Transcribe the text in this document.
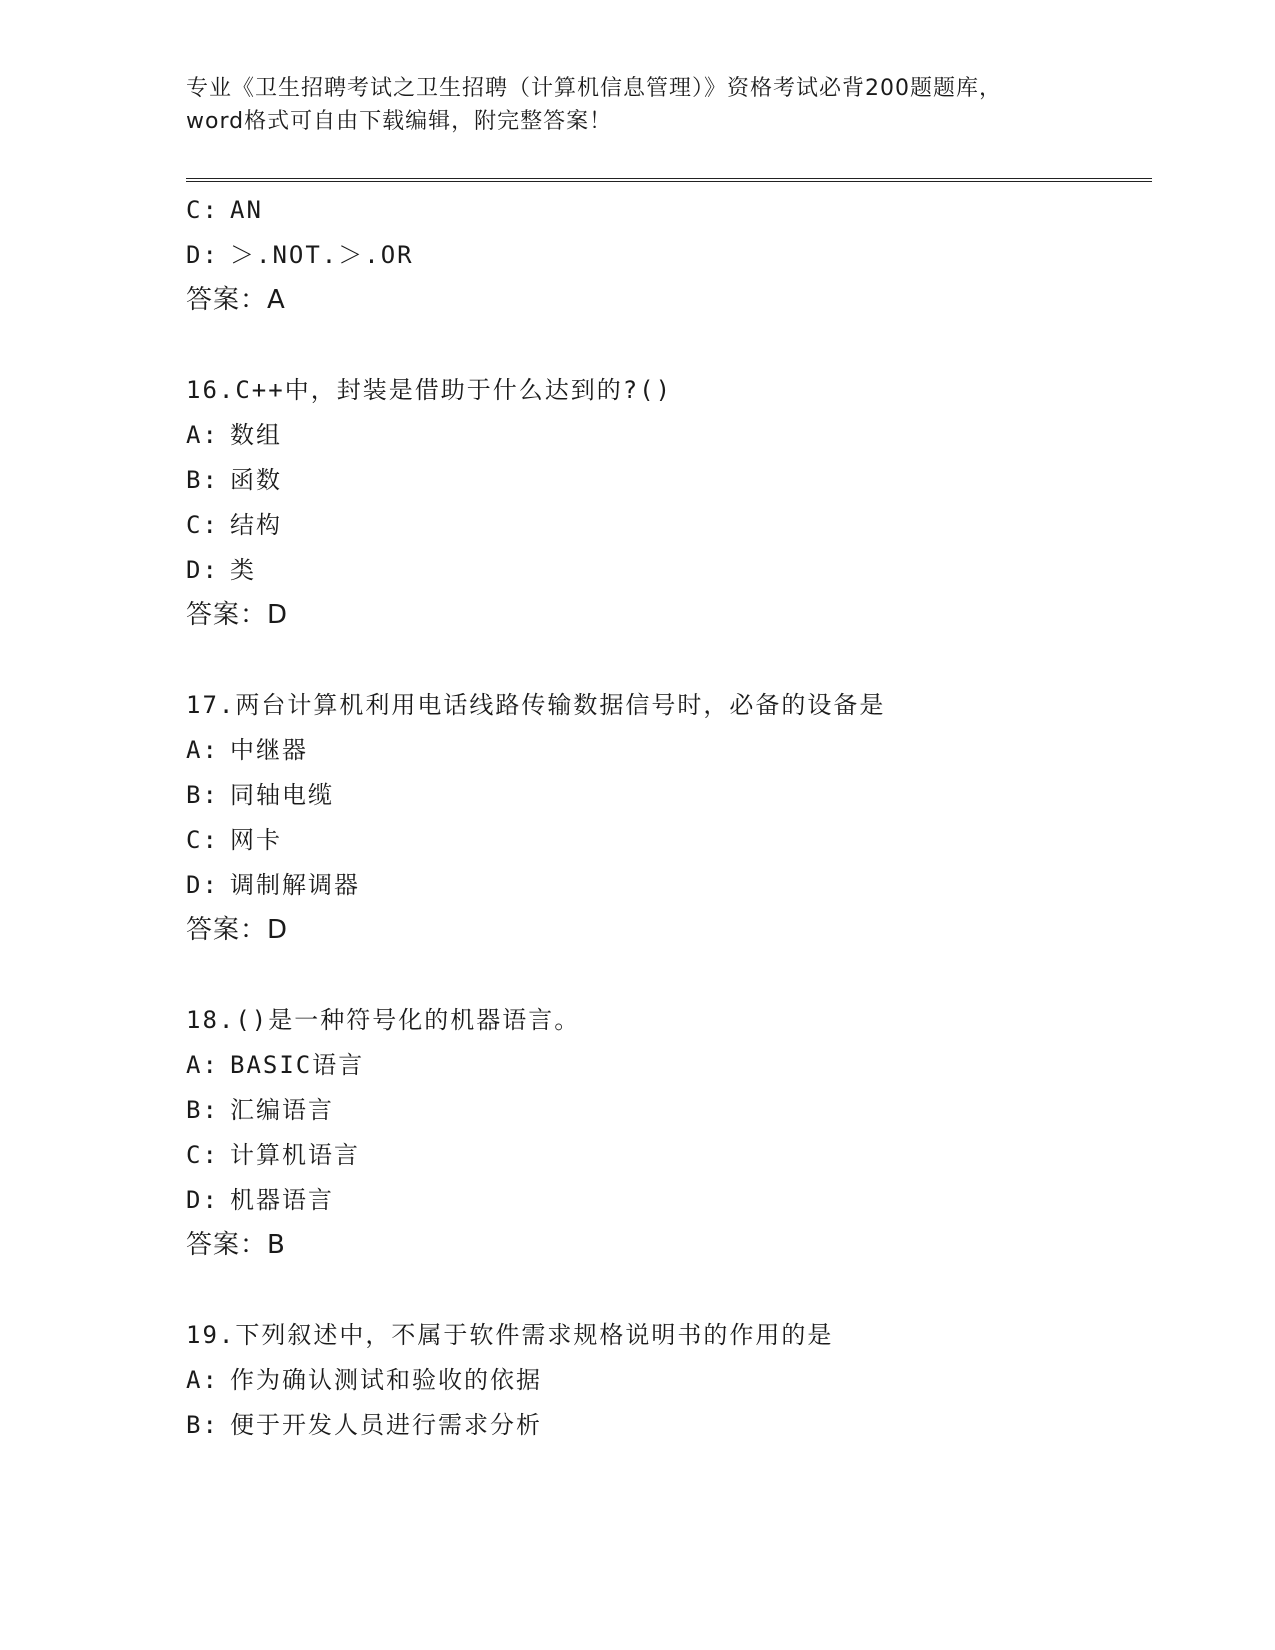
专业《卫生招聘考试之卫生招聘（计算机信息管理）》资格考试必背200题题库，
word格式可自由下载编辑，附完整答案！
C: AN
D: ＞.NOT.＞.OR
答案：A
16.C++中，封装是借助于什么达到的?()
A: 数组
B: 函数
C: 结构
D: 类
答案：D
17.两台计算机利用电话线路传输数据信号时，必备的设备是
A: 中继器
B: 同轴电缆
C: 网卡
D: 调制解调器
答案：D
18.()是一种符号化的机器语言。
A: BASIC语言
B: 汇编语言
C: 计算机语言
D: 机器语言
答案：B
19.下列叙述中，不属于软件需求规格说明书的作用的是
A: 作为确认测试和验收的依据
B: 便于开发人员进行需求分析
